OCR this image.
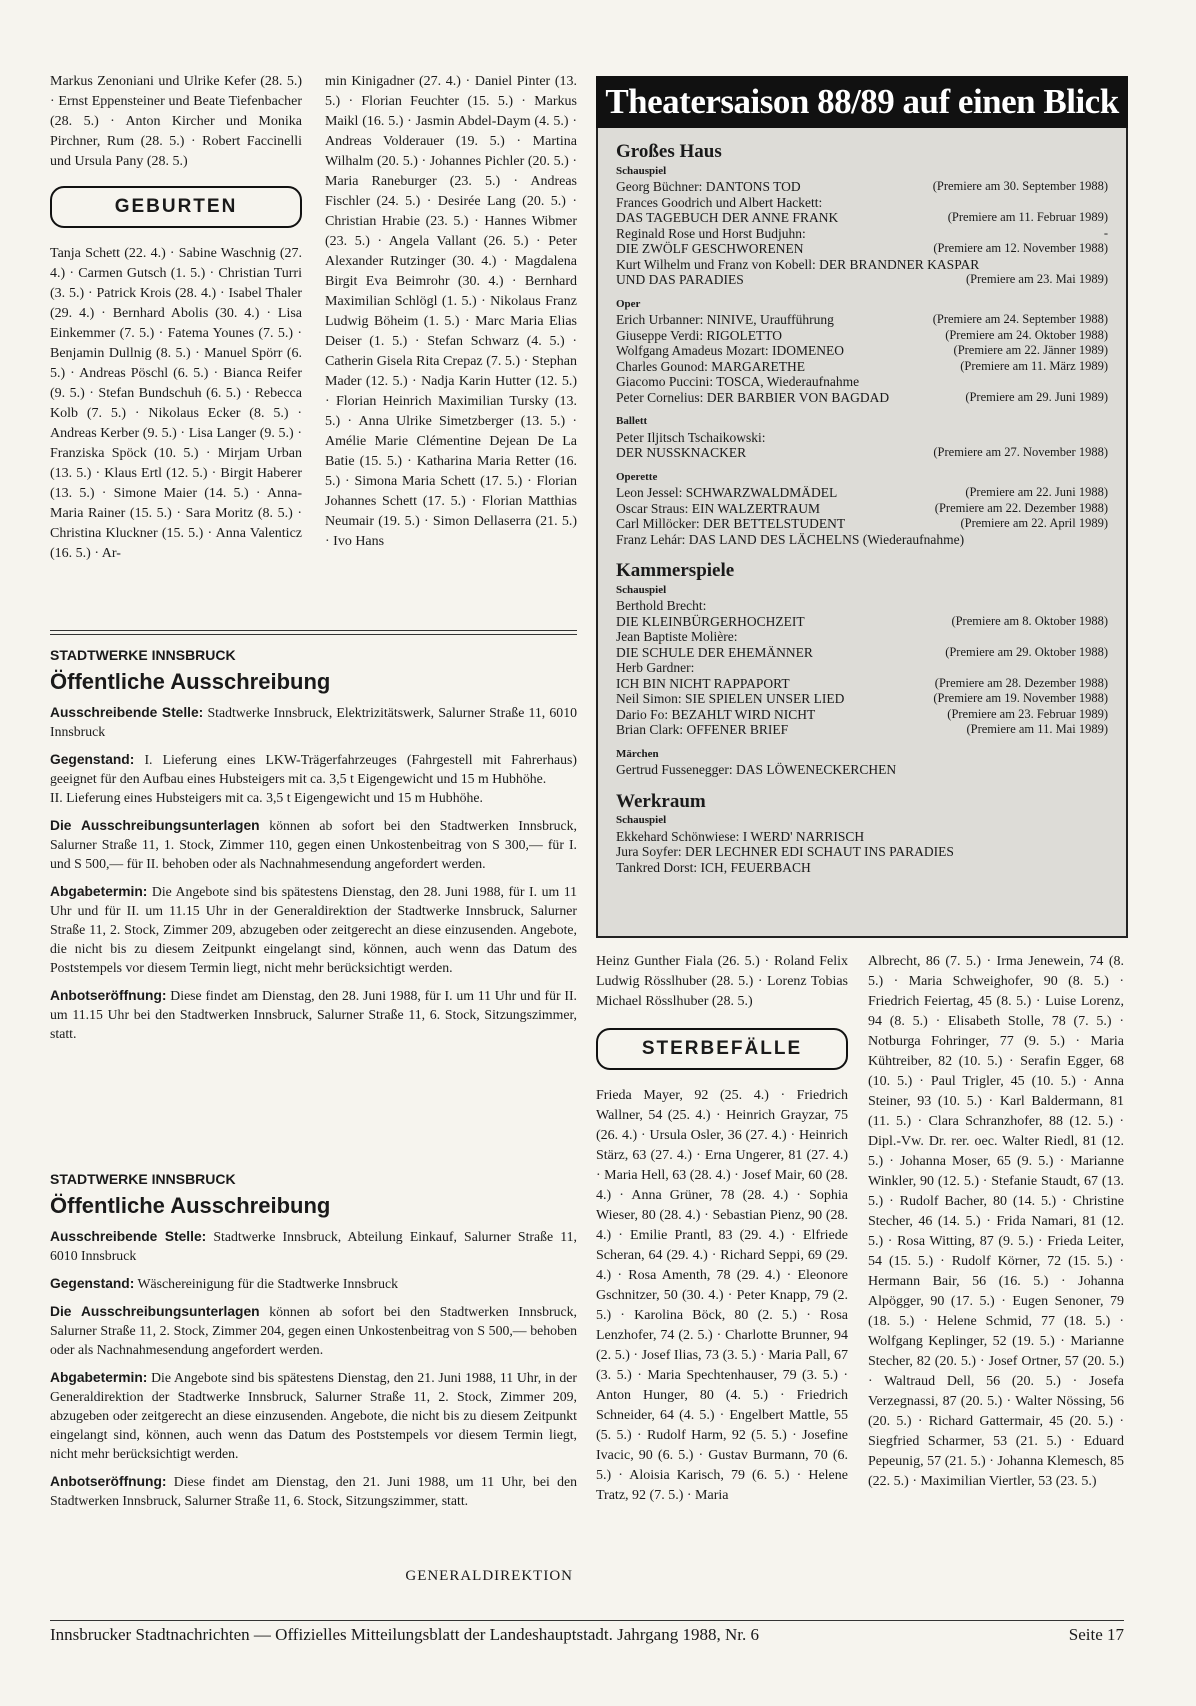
Markus Zenoniani und Ulrike Kefer (28. 5.) · Ernst Eppensteiner und Beate Tiefenbacher (28. 5.) · Anton Kircher und Monika Pirchner, Rum (28. 5.) · Robert Faccinelli und Ursula Pany (28. 5.)
GEBURTEN
Tanja Schett (22. 4.) · Sabine Waschnig (27. 4.) · Carmen Gutsch (1. 5.) · Christian Turri (3. 5.) · Patrick Krois (28. 4.) · Isabel Thaler (29. 4.) · Bernhard Abolis (30. 4.) · Lisa Einkemmer (7. 5.) · Fatema Younes (7. 5.) · Benjamin Dullnig (8. 5.) · Manuel Spörr (6. 5.) · Andreas Pöschl (6. 5.) · Bianca Reifer (9. 5.) · Stefan Bundschuh (6. 5.) · Rebecca Kolb (7. 5.) · Nikolaus Ecker (8. 5.) · Andreas Kerber (9. 5.) · Lisa Langer (9. 5.) · Franziska Spöck (10. 5.) · Mirjam Urban (13. 5.) · Klaus Ertl (12. 5.) · Birgit Haberer (13. 5.) · Simone Maier (14. 5.) · Anna-Maria Rainer (15. 5.) · Sara Moritz (8. 5.) · Christina Kluckner (15. 5.) · Anna Valenticz (16. 5.) · Ar-
min Kinigadner (27. 4.) · Daniel Pinter (13. 5.) · Florian Feuchter (15. 5.) · Markus Maikl (16. 5.) · Jasmin Abdel-Daym (4. 5.) · Andreas Volderauer (19. 5.) · Martina Wilhalm (20. 5.) · Johannes Pichler (20. 5.) · Maria Raneburger (23. 5.) · Andreas Fischler (24. 5.) · Desirée Lang (20. 5.) · Christian Hrabie (23. 5.) · Hannes Wibmer (23. 5.) · Angela Vallant (26. 5.) · Peter Alexander Rutzinger (30. 4.) · Magdalena Birgit Eva Beimrohr (30. 4.) · Bernhard Maximilian Schlögl (1. 5.) · Nikolaus Franz Ludwig Böheim (1. 5.) · Marc Maria Elias Deiser (1. 5.) · Stefan Schwarz (4. 5.) · Catherin Gisela Rita Crepaz (7. 5.) · Stephan Mader (12. 5.) · Nadja Karin Hutter (12. 5.) · Florian Heinrich Maximilian Tursky (13. 5.) · Anna Ulrike Simetzberger (13. 5.) · Amélie Marie Clémentine Dejean De La Batie (15. 5.) · Katharina Maria Retter (16. 5.) · Simona Maria Schett (17. 5.) · Florian Johannes Schett (17. 5.) · Florian Matthias Neumair (19. 5.) · Simon Dellaserra (21. 5.) · Ivo Hans
Theatersaison 88/89 auf einen Blick
Großes Haus
Schauspiel
Georg Büchner: DANTONS TOD	(Premiere am 30. September 1988)
Frances Goodrich und Albert Hackett:
DAS TAGEBUCH DER ANNE FRANK	(Premiere am 11. Februar 1989)
Reginald Rose und Horst Budjuhn:	-
DIE ZWÖLF GESCHWORENEN	(Premiere am 12. November 1988)
Kurt Wilhelm und Franz von Kobell: DER BRANDNER KASPAR
UND DAS PARADIES	(Premiere am 23. Mai 1989)
Oper
Erich Urbanner: NINIVE, Uraufführung	(Premiere am 24. September 1988)
Giuseppe Verdi: RIGOLETTO	(Premiere am 24. Oktober 1988)
Wolfgang Amadeus Mozart: IDOMENEO	(Premiere am 22. Jänner 1989)
Charles Gounod: MARGARETHE	(Premiere am 11. März 1989)
Giacomo Puccini: TOSCA, Wiederaufnahme
Peter Cornelius: DER BARBIER VON BAGDAD	(Premiere am 29. Juni 1989)
Ballett
Peter Iljitsch Tschaikowski:
DER NUSSKNACKER	(Premiere am 27. November 1988)
Operette
Leon Jessel: SCHWARZWALDMÄDEL	(Premiere am 22. Juni 1988)
Oscar Straus: EIN WALZERTRAUM	(Premiere am 22. Dezember 1988)
Carl Millöcker: DER BETTELSTUDENT	(Premiere am 22. April 1989)
Franz Lehár: DAS LAND DES LÄCHELNS (Wiederaufnahme)
Kammerspiele
Schauspiel
Berthold Brecht:
DIE KLEINBÜRGERHOCHZEIT	(Premiere am 8. Oktober 1988)
Jean Baptiste Molière:
DIE SCHULE DER EHEMÄNNER	(Premiere am 29. Oktober 1988)
Herb Gardner:
ICH BIN NICHT RAPPAPORT	(Premiere am 28. Dezember 1988)
Neil Simon: SIE SPIELEN UNSER LIED	(Premiere am 19. November 1988)
Dario Fo: BEZAHLT WIRD NICHT	(Premiere am 23. Februar 1989)
Brian Clark: OFFENER BRIEF	(Premiere am 11. Mai 1989)
Märchen
Gertrud Fussenegger: DAS LÖWENECKERCHEN
Werkraum
Schauspiel
Ekkehard Schönwiese: I WERD' NARRISCH
Jura Soyfer: DER LECHNER EDI SCHAUT INS PARADIES
Tankred Dorst: ICH, FEUERBACH
STADTWERKE INNSBRUCK
Öffentliche Ausschreibung

Ausschreibende Stelle: Stadtwerke Innsbruck, Elektrizitätswerk, Salurner Straße 11, 6010 Innsbruck

Gegenstand: I. Lieferung eines LKW-Trägerfahrzeuges (Fahrgestell mit Fahrerhaus) geeignet für den Aufbau eines Hubsteigers mit ca. 3,5 t Eigengewicht und 15 m Hubhöhe.

II. Lieferung eines Hubsteigers mit ca. 3,5 t Eigengewicht und 15 m Hubhöhe.

Die Ausschreibungsunterlagen können ab sofort bei den Stadtwerken Innsbruck, Salurner Straße 11, 1. Stock, Zimmer 110, gegen einen Unkostenbeitrag von S 300,— für I. und S 500,— für II. behoben oder als Nachnahmesendung angefordert werden.

Abgabetermin: Die Angebote sind bis spätestens Dienstag, den 28. Juni 1988, für I. um 11 Uhr und für II. um 11.15 Uhr in der Generaldirektion der Stadtwerke Innsbruck, Salurner Straße 11, 2. Stock, Zimmer 209, abzugeben oder zeitgerecht an diese einzusenden. Angebote, die nicht bis zu diesem Zeitpunkt eingelangt sind, können, auch wenn das Datum des Poststempels vor diesem Termin liegt, nicht mehr berücksichtigt werden.

Anbotseröffnung: Diese findet am Dienstag, den 28. Juni 1988, für I. um 11 Uhr und für II. um 11.15 Uhr bei den Stadtwerken Innsbruck, Salurner Straße 11, 6. Stock, Sitzungszimmer, statt.

STADTWERKE INNSBRUCK
Öffentliche Ausschreibung

Ausschreibende Stelle: Stadtwerke Innsbruck, Abteilung Einkauf, Salurner Straße 11, 6010 Innsbruck

Gegenstand: Wäschereinigung für die Stadtwerke Innsbruck

Die Ausschreibungsunterlagen können ab sofort bei den Stadtwerken Innsbruck, Salurner Straße 11, 2. Stock, Zimmer 204, gegen einen Unkostenbeitrag von S 500,— behoben oder als Nachnahmesendung angefordert werden.

Abgabetermin: Die Angebote sind bis spätestens Dienstag, den 21. Juni 1988, 11 Uhr, in der Generaldirektion der Stadtwerke Innsbruck, Salurner Straße 11, 2. Stock, Zimmer 209, abzugeben oder zeitgerecht an diese einzusenden. Angebote, die nicht bis zu diesem Zeitpunkt eingelangt sind, können, auch wenn das Datum des Poststempels vor diesem Termin liegt, nicht mehr berücksichtigt werden.

Anbotseröffnung: Diese findet am Dienstag, den 21. Juni 1988, um 11 Uhr, bei den Stadtwerken Innsbruck, Salurner Straße 11, 6. Stock, Sitzungszimmer, statt.

GENERALDIREKTION
Heinz Gunther Fiala (26. 5.) · Roland Felix Ludwig Rösslhuber (28. 5.) · Lorenz Tobias Michael Rösslhuber (28. 5.)
STERBEFÄLLE
Frieda Mayer, 92 (25. 4.) · Friedrich Wallner, 54 (25. 4.) · Heinrich Grayzar, 75 (26. 4.) · Ursula Osler, 36 (27. 4.) · Heinrich Stärz, 63 (27. 4.) · Erna Ungerer, 81 (27. 4.) · Maria Hell, 63 (28. 4.) · Josef Mair, 60 (28. 4.) · Anna Grüner, 78 (28. 4.) · Sophia Wieser, 80 (28. 4.) · Sebastian Pienz, 90 (28. 4.) · Emilie Prantl, 83 (29. 4.) · Elfriede Scheran, 64 (29. 4.) · Richard Seppi, 69 (29. 4.) · Rosa Amenth, 78 (29. 4.) · Eleonore Gschnitzer, 50 (30. 4.) · Peter Knapp, 79 (2. 5.) · Karolina Böck, 80 (2. 5.) · Rosa Lenzhofer, 74 (2. 5.) · Charlotte Brunner, 94 (2. 5.) · Josef Ilias, 73 (3. 5.) · Maria Pall, 67 (3. 5.) · Maria Spechtenhauser, 79 (3. 5.) · Anton Hunger, 80 (4. 5.) · Friedrich Schneider, 64 (4. 5.) · Engelbert Mattle, 55 (5. 5.) · Rudolf Harm, 92 (5. 5.) · Josefine Ivacic, 90 (6. 5.) · Gustav Burmann, 70 (6. 5.) · Aloisia Karisch, 79 (6. 5.) · Helene Tratz, 92 (7. 5.) · Maria
Albrecht, 86 (7. 5.) · Irma Jenewein, 74 (8. 5.) · Maria Schweighofer, 90 (8. 5.) · Friedrich Feiertag, 45 (8. 5.) · Luise Lorenz, 94 (8. 5.) · Elisabeth Stolle, 78 (7. 5.) · Notburga Fohringer, 77 (9. 5.) · Maria Kühtreiber, 82 (10. 5.) · Serafin Egger, 68 (10. 5.) · Paul Trigler, 45 (10. 5.) · Anna Steiner, 93 (10. 5.) · Karl Baldermann, 81 (11. 5.) · Clara Schranzhofer, 88 (12. 5.) · Dipl.-Vw. Dr. rer. oec. Walter Riedl, 81 (12. 5.) · Johanna Moser, 65 (9. 5.) · Marianne Winkler, 90 (12. 5.) · Stefanie Staudt, 67 (13. 5.) · Rudolf Bacher, 80 (14. 5.) · Christine Stecher, 46 (14. 5.) · Frida Namari, 81 (12. 5.) · Rosa Witting, 87 (9. 5.) · Frieda Leiter, 54 (15. 5.) · Rudolf Körner, 72 (15. 5.) · Hermann Bair, 56 (16. 5.) · Johanna Alpögger, 90 (17. 5.) · Eugen Senoner, 79 (18. 5.) · Helene Schmid, 77 (18. 5.) · Wolfgang Keplinger, 52 (19. 5.) · Marianne Stecher, 82 (20. 5.) · Josef Ortner, 57 (20. 5.) · Waltraud Dell, 56 (20. 5.) · Josefa Verzegnassi, 87 (20. 5.) · Walter Nössing, 56 (20. 5.) · Richard Gattermair, 45 (20. 5.) · Siegfried Scharmer, 53 (21. 5.) · Eduard Pepeunig, 57 (21. 5.) · Johanna Klemesch, 85 (22. 5.) · Maximilian Viertler, 53 (23. 5.)
Innsbrucker Stadtnachrichten — Offizielles Mitteilungsblatt der Landeshauptstadt. Jahrgang 1988, Nr. 6	Seite 17
